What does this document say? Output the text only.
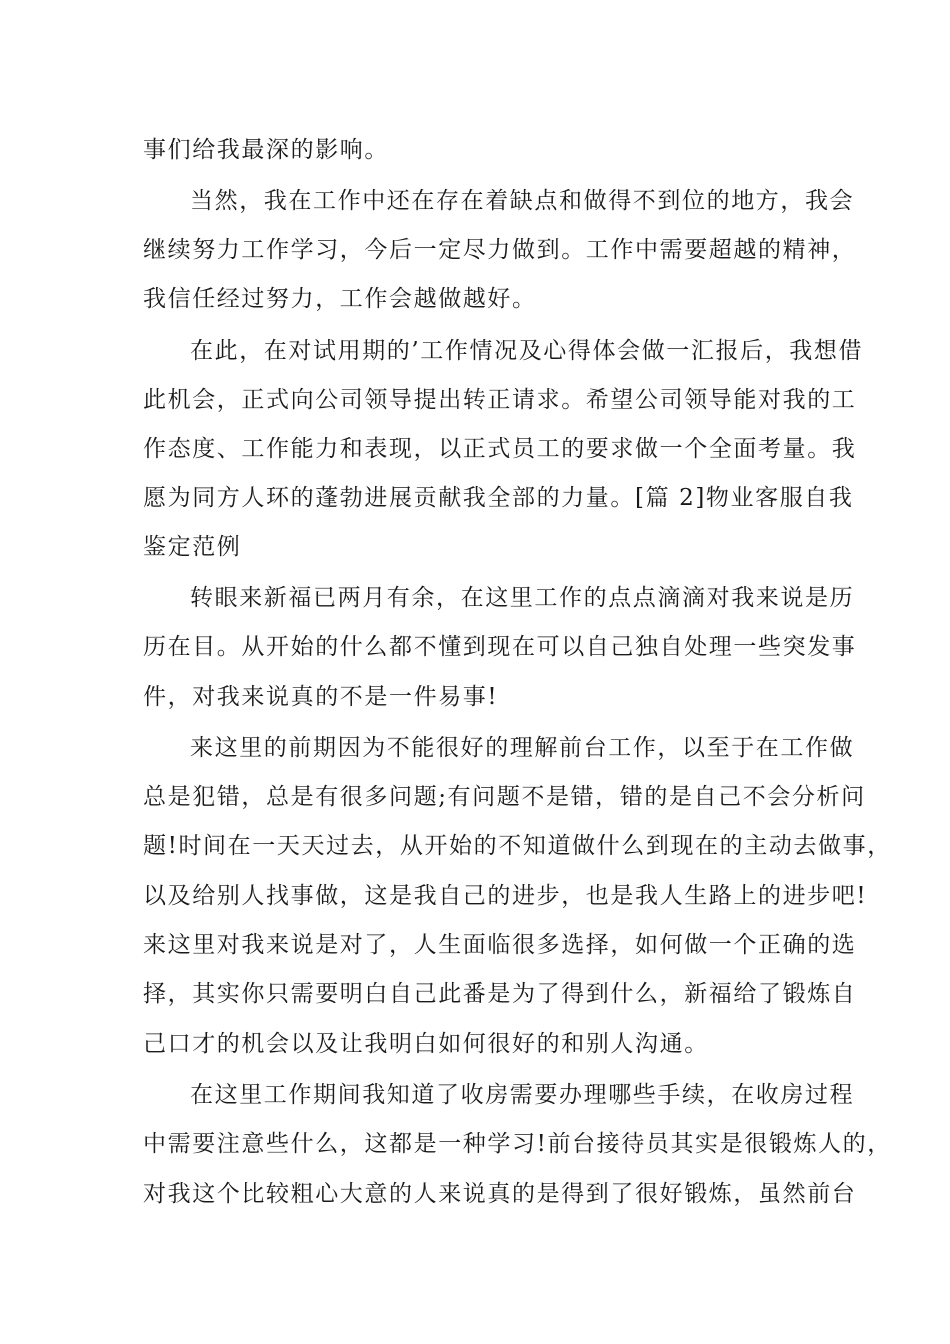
事们给我最深的影响。
当然，我在工作中还在存在着缺点和做得不到位的地方，我会
继续努力工作学习，今后一定尽力做到。工作中需要超越的精神，
我信任经过努力，工作会越做越好。
在此，在对试用期的’工作情况及心得体会做一汇报后，我想借
此机会，正式向公司领导提出转正请求。希望公司领导能对我的工
作态度、工作能力和表现，以正式员工的要求做一个全面考量。我
愿为同方人环的蓬勃进展贡献我全部的力量。[篇 2]物业客服自我
鉴定范例
转眼来新福已两月有余，在这里工作的点点滴滴对我来说是历
历在目。从开始的什么都不懂到现在可以自己独自处理一些突发事
件，对我来说真的不是一件易事!
来这里的前期因为不能很好的理解前台工作，以至于在工作做
总是犯错，总是有很多问题;有问题不是错，错的是自己不会分析问
题!时间在一天天过去，从开始的不知道做什么到现在的主动去做事，
以及给别人找事做，这是我自己的进步，也是我人生路上的进步吧!
来这里对我来说是对了，人生面临很多选择，如何做一个正确的选
择，其实你只需要明白自己此番是为了得到什么，新福给了锻炼自
己口才的机会以及让我明白如何很好的和别人沟通。
在这里工作期间我知道了收房需要办理哪些手续，在收房过程
中需要注意些什么，这都是一种学习!前台接待员其实是很锻炼人的，
对我这个比较粗心大意的人来说真的是得到了很好锻炼，虽然前台
